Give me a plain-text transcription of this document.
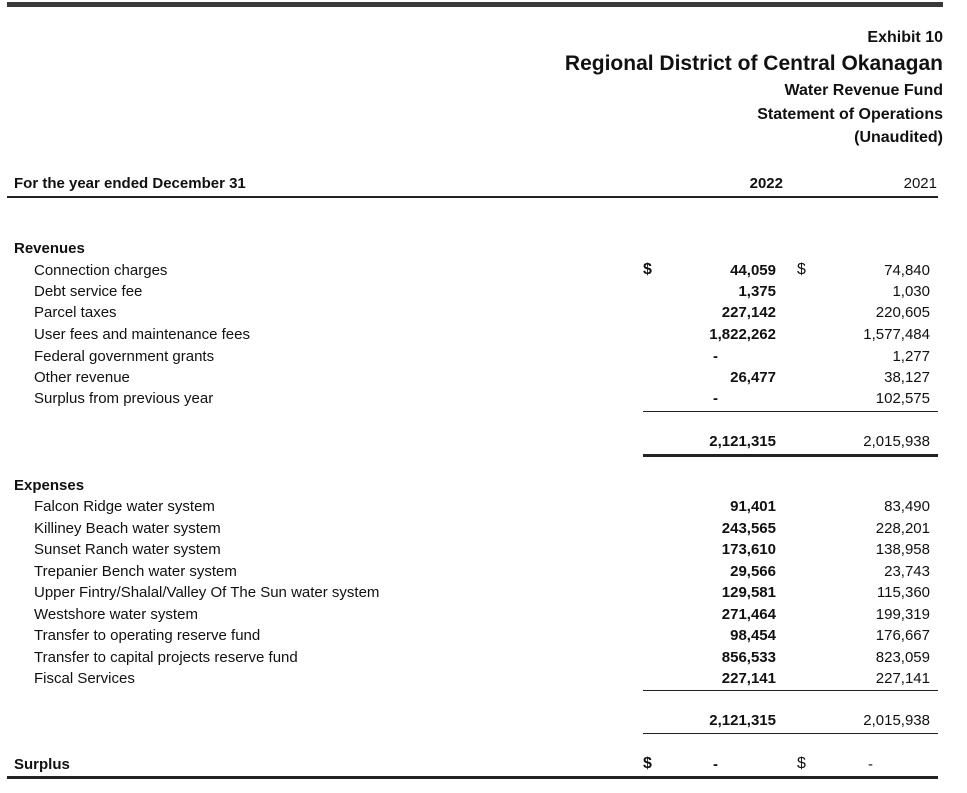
Exhibit 10
Regional District of Central Okanagan
Water Revenue Fund
Statement of Operations
(Unaudited)
For the year ended December 31	2022	2021
Revenues
$	$
Connection charges	44,059	74,840
Debt service fee	1,375	1,030
Parcel taxes	227,142	220,605
User fees and maintenance fees	1,822,262	1,577,484
Federal government grants	-	1,277
Other revenue	26,477	38,127
Surplus from previous year	-	102,575
2,121,315	2,015,938
Expenses
Falcon Ridge water system	91,401	83,490
Killiney Beach water system	243,565	228,201
Sunset Ranch water system	173,610	138,958
Trepanier Bench water system	29,566	23,743
Upper Fintry/Shalal/Valley Of The Sun water system	129,581	115,360
Westshore water system	271,464	199,319
Transfer to operating reserve fund	98,454	176,667
Transfer to capital projects reserve fund	856,533	823,059
Fiscal Services	227,141	227,141
2,121,315	2,015,938
Surplus	$	-	$	-
